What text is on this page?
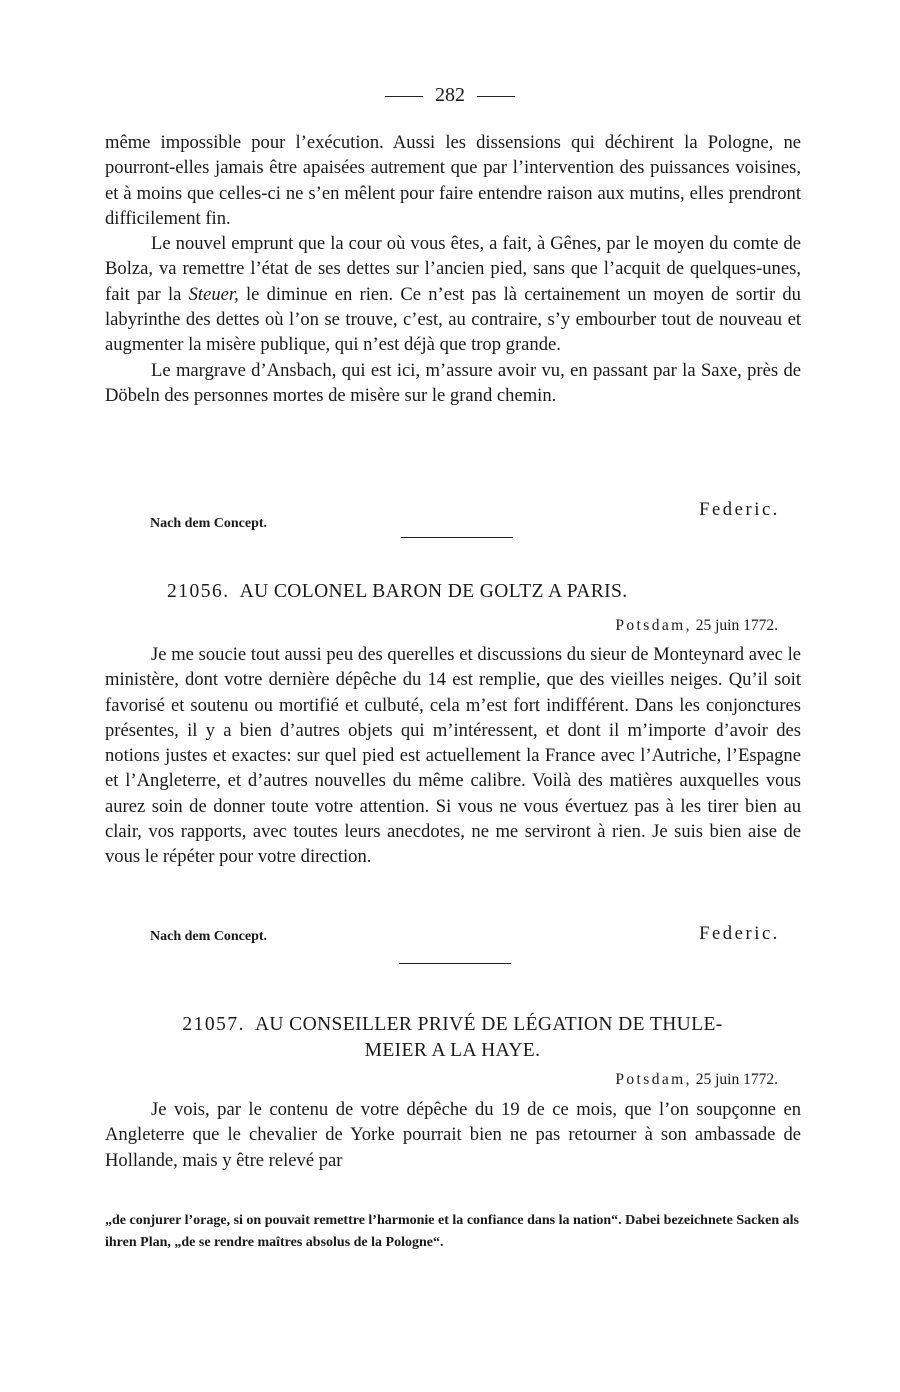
282

même impossible pour l’exécution. Aussi les dissensions qui déchirent la Pologne, ne pourront-elles jamais être apaisées autrement que par l’intervention des puissances voisines, et à moins que celles-ci ne s’en mêlent pour faire entendre raison aux mutins, elles prendront difficilement fin.

Le nouvel emprunt que la cour où vous êtes, a fait, à Gênes, par le moyen du comte de Bolza, va remettre l’état de ses dettes sur l’ancien pied, sans que l’acquit de quelques-unes, fait par la Steuer, le diminue en rien. Ce n’est pas là certainement un moyen de sortir du labyrinthe des dettes où l’on se trouve, c’est, au contraire, s’y embourber tout de nouveau et augmenter la misère publique, qui n’est déjà que trop grande.

Le margrave d’Ansbach, qui est ici, m’assure avoir vu, en passant par la Saxe, près de Döbeln des personnes mortes de misère sur le grand chemin.

Nach dem Concept.
Federic.
21056. AU COLONEL BARON DE GOLTZ A PARIS.
Potsdam, 25 juin 1772.

Je me soucie tout aussi peu des querelles et discussions du sieur de Monteynard avec le ministère, dont votre dernière dépêche du 14 est remplie, que des vieilles neiges. Qu’il soit favorisé et soutenu ou mortifié et culbuté, cela m’est fort indifférent. Dans les conjonctures présentes, il y a bien d’autres objets qui m’intéressent, et dont il m’importe d’avoir des notions justes et exactes: sur quel pied est actuellement la France avec l’Autriche, l’Espagne et l’Angleterre, et d’autres nouvelles du même calibre. Voilà des matières auxquelles vous aurez soin de donner toute votre attention. Si vous ne vous évertuez pas à les tirer bien au clair, vos rapports, avec toutes leurs anecdotes, ne me serviront à rien. Je suis bien aise de vous le répéter pour votre direction.

Nach dem Concept.	Federic.
21057. AU CONSEILLER PRIVÉ DE LÉGATION DE THULE-
MEIER A LA HAYE.
Potsdam, 25 juin 1772.

Je vois, par le contenu de votre dépêche du 19 de ce mois, que l’on soupçonne en Angleterre que le chevalier de Yorke pourrait bien ne pas retourner à son ambassade de Hollande, mais y être relevé par

„de conjurer l’orage, si on pouvait remettre l’harmonie et la confiance dans la nation“. Dabei bezeichnete Sacken als ihren Plan, „de se rendre maîtres absolus de la Pologne“.
